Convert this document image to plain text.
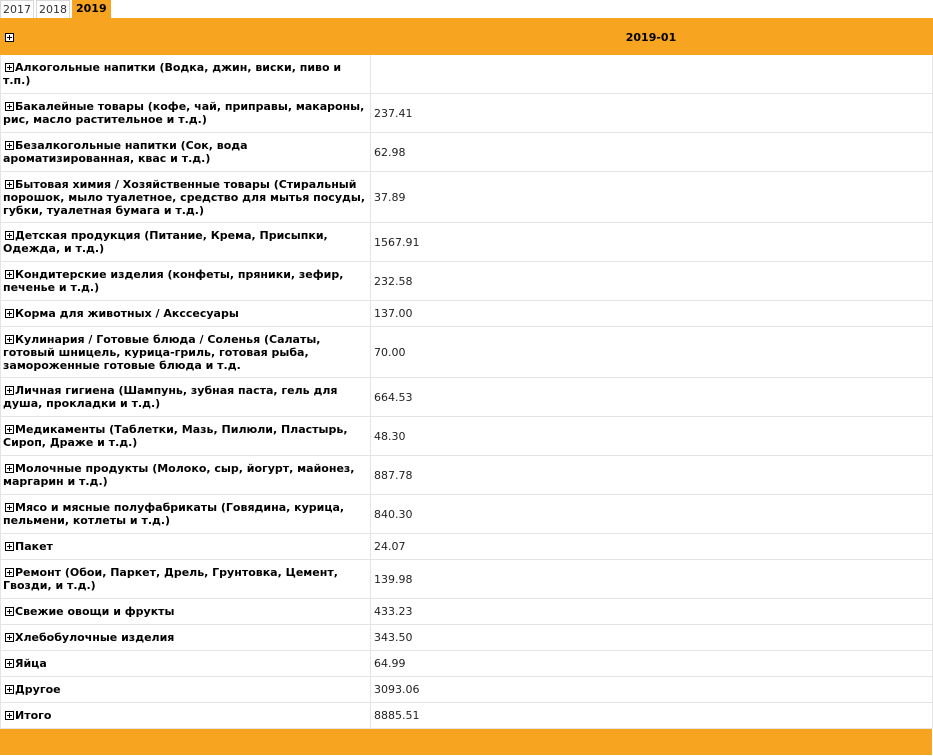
2017 2018 2019
	2019-01
Алкогольные напитки (Водка, джин, виски, пиво и т.п.)	
Бакалейные товары (кофе, чай, приправы, макароны, рис, масло растительное и т.д.)	237.41
Безалкогольные напитки (Сок, вода ароматизированная, квас и т.д.)	62.98
Бытовая химия / Хозяйственные товары (Стиральный порошок, мыло туалетное, средство для мытья посуды, губки, туалетная бумага и т.д.)	37.89
Детская продукция (Питание, Крема, Присыпки, Одежда, и т.д.)	1567.91
Кондитерские изделия (конфеты, пряники, зефир, печенье и т.д.)	232.58
Корма для животных / Акссесуары	137.00
Кулинария / Готовые блюда / Соленья (Салаты, готовый шницель, курица-гриль, готовая рыба, замороженные готовые блюда и т.д.	70.00
Личная гигиена (Шампунь, зубная паста, гель для душа, прокладки и т.д.)	664.53
Медикаменты (Таблетки, Мазь, Пилюли, Пластырь, Сироп, Драже и т.д.)	48.30
Молочные продукты (Молоко, сыр, йогурт, майонез, маргарин и т.д.)	887.78
Мясо и мясные полуфабрикаты (Говядина, курица, пельмени, котлеты и т.д.)	840.30
Пакет	24.07
Ремонт (Обои, Паркет, Дрель, Грунтовка, Цемент, Гвозди, и т.д.)	139.98
Свежие овощи и фрукты	433.23
Хлебобулочные изделия	343.50
Яйца	64.99
Другое	3093.06
Итого	8885.51
